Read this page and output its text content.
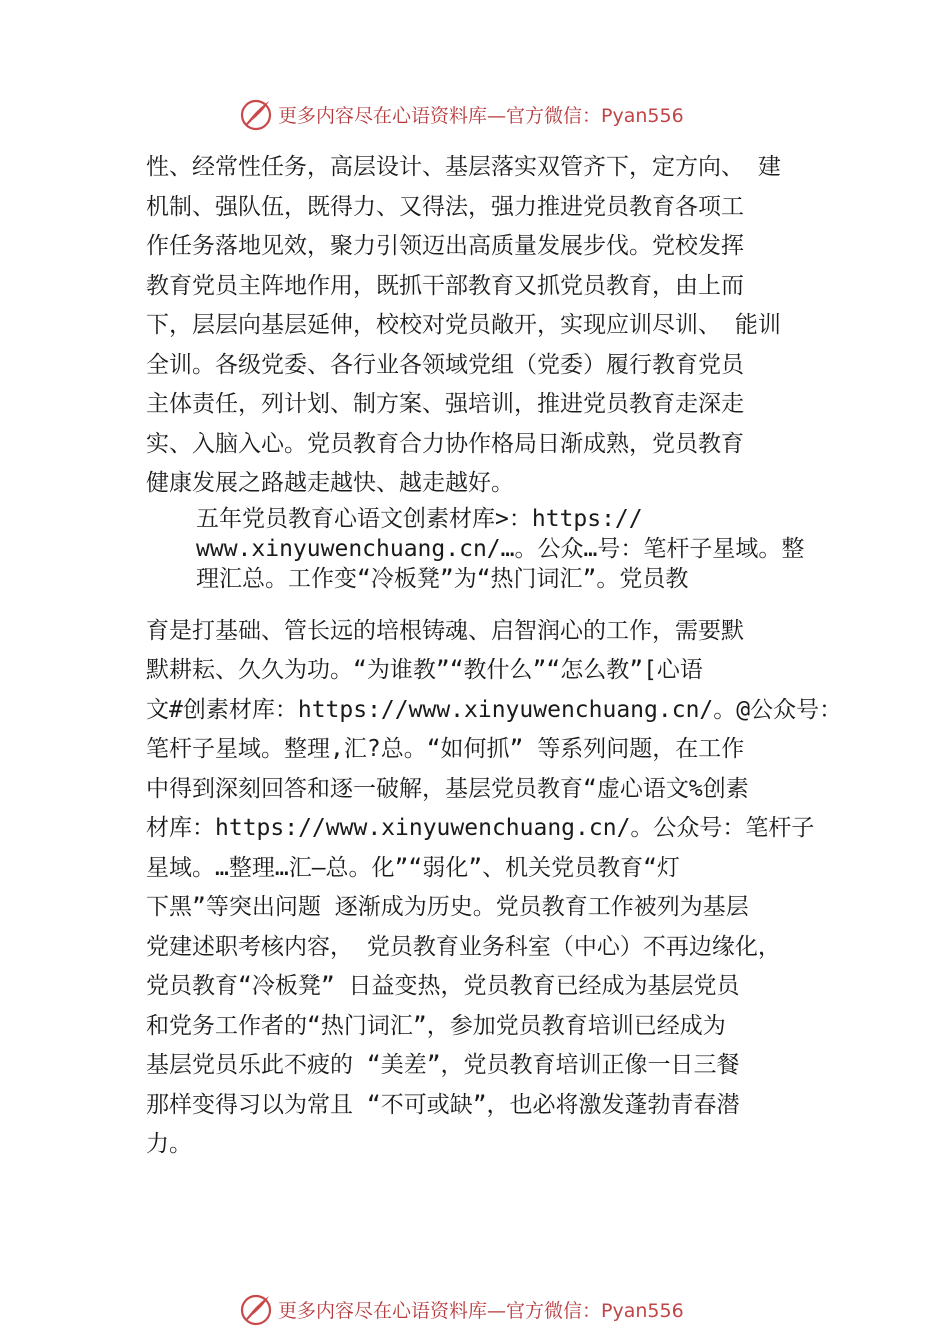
更多内容尽在心语资料库—官方微信：Pyan556
性、经常性任务，高层设计、基层落实双管齐下，定方向、 建
机制、强队伍，既得力、又得法，强力推进党员教育各项工
作任务落地见效，聚力引领迈出高质量发展步伐。党校发挥
教育党员主阵地作用，既抓干部教育又抓党员教育，由上而
下，层层向基层延伸，校校对党员敞开，实现应训尽训、 能训
全训。各级党委、各行业各领域党组（党委）履行教育党员
主体责任，列计划、制方案、强培训，推进党员教育走深走
实、入脑入心。党员教育合力协作格局日渐成熟，党员教育
健康发展之路越走越快、越走越好。
五年党员教育心语文创素材库>：https://
www.xinyuwenchuang.cn/…。公众…号：笔杆子星域。整
理汇总。工作变“冷板凳”为“热门词汇”。党员教
育是打基础、管长远的培根铸魂、启智润心的工作，需要默
默耕耘、久久为功。“为谁教”“教什么”“怎么教”[心语
文#创素材库：https://www.xinyuwenchuang.cn/。@公众号：
笔杆子星域。整理,汇?总。“如何抓” 等系列问题，在工作
中得到深刻回答和逐一破解，基层党员教育“虚心语文%创素
材库：https://www.xinyuwenchuang.cn/。公众号：笔杆子
星域。…整理…汇—总。化”“弱化”、机关党员教育“灯
下黑”等突出问题 逐渐成为历史。党员教育工作被列为基层
党建述职考核内容， 党员教育业务科室（中心）不再边缘化，
党员教育“冷板凳” 日益变热，党员教育已经成为基层党员
和党务工作者的“热门词汇”，参加党员教育培训已经成为
基层党员乐此不疲的 “美差”，党员教育培训正像一日三餐
那样变得习以为常且 “不可或缺”，也必将激发蓬勃青春潜
力。
更多内容尽在心语资料库—官方微信：Pyan556
